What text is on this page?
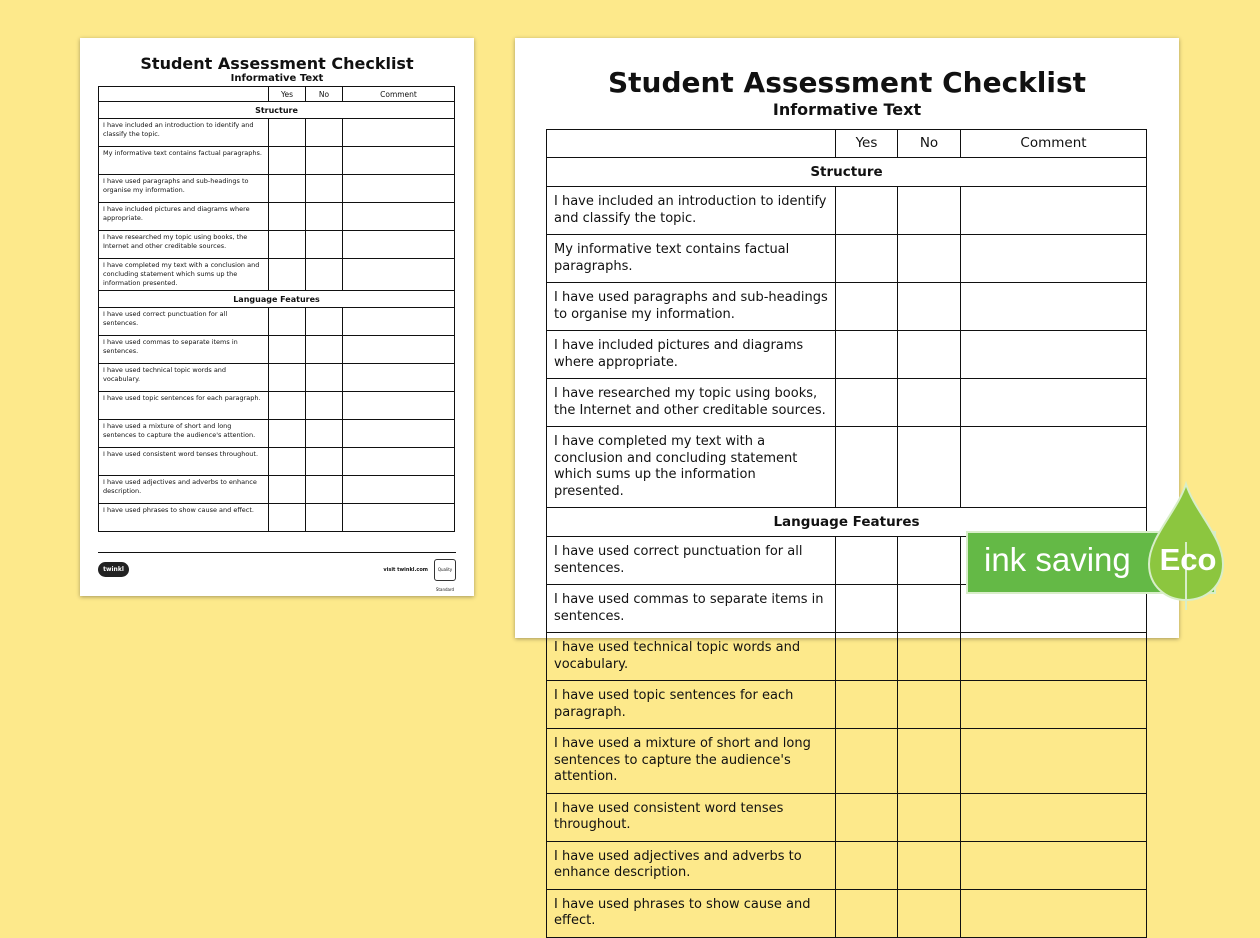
Student Assessment Checklist
Informative Text
	Yes	No	Comment
Structure			
I have included an introduction to identify and classify the topic.			
My informative text contains factual paragraphs.			
I have used paragraphs and sub-headings to organise my information.			
I have included pictures and diagrams where appropriate.			
I have researched my topic using books, the Internet and other creditable sources.			
I have completed my text with a conclusion and concluding statement which sums up the information presented.			
Language Features			
I have used correct punctuation for all sentences.			
I have used commas to separate items in sentences.			
I have used technical topic words and vocabulary.			
I have used topic sentences for each paragraph.			
I have used a mixture of short and long sentences to capture the audience's attention.			
I have used consistent word tenses throughout.			
I have used adjectives and adverbs to enhance description.			
I have used phrases to show cause and effect.			
twinkl	visit twinkl.com	Quality Standard
Student Assessment Checklist
Informative Text
	Yes	No	Comment
Structure			
I have included an introduction to identify and classify the topic.			
My informative text contains factual paragraphs.			
I have used paragraphs and sub-headings to organise my information.			
I have included pictures and diagrams where appropriate.			
I have researched my topic using books, the Internet and other creditable sources.			
I have completed my text with a conclusion and concluding statement which sums up the information presented.			
Language Features			
I have used correct punctuation for all sentences.			
I have used commas to separate items in sentences.			
I have used technical topic words and vocabulary.			
I have used topic sentences for each paragraph.			
I have used a mixture of short and long sentences to capture the audience's attention.			
I have used consistent word tenses throughout.			
I have used adjectives and adverbs to enhance description.			
I have used phrases to show cause and effect.			
ink saving Eco
